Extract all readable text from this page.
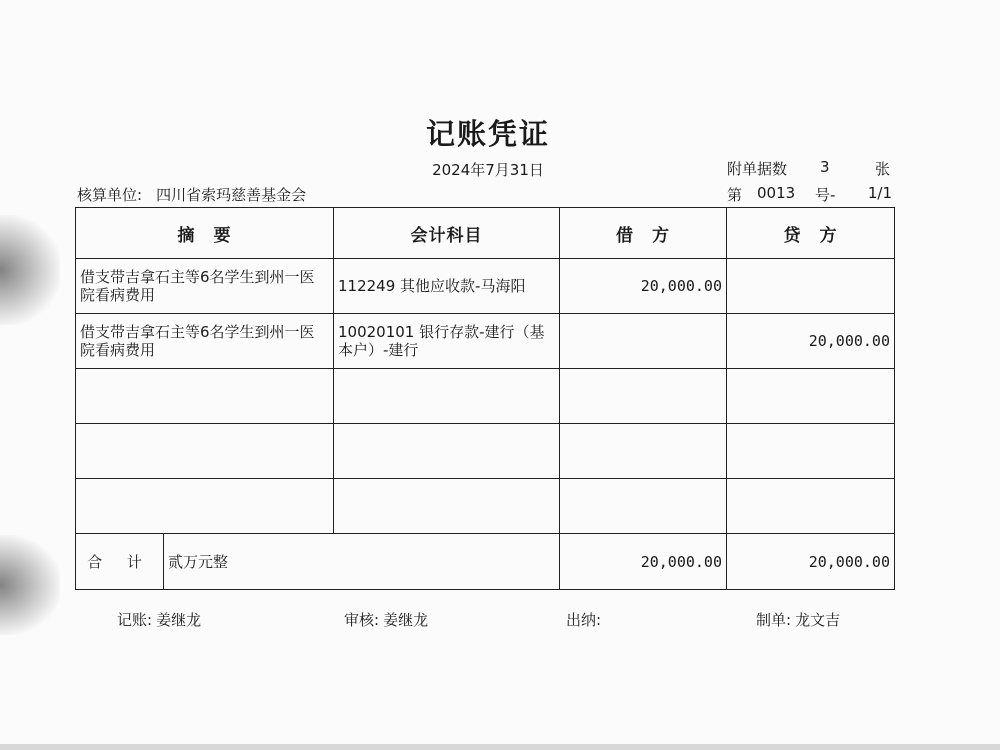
记账凭证
2024年7月31日	附单据数 3	张
核算单位: 四川省索玛慈善基金会	第 0013 号- 1/1
摘　要		会计科目	借　方	贷　方
借支带吉拿石主等6名学生到州一医院看病费用		112249 其他应收款-马海阳	20,000.00	
借支带吉拿石主等6名学生到州一医院看病费用		10020101 银行存款-建行（基本户）-建行		20,000.00

合 计	贰万元整		20,000.00	20,000.00
记账: 姜继龙	审核: 姜继龙	出纳:	制单: 龙文吉
